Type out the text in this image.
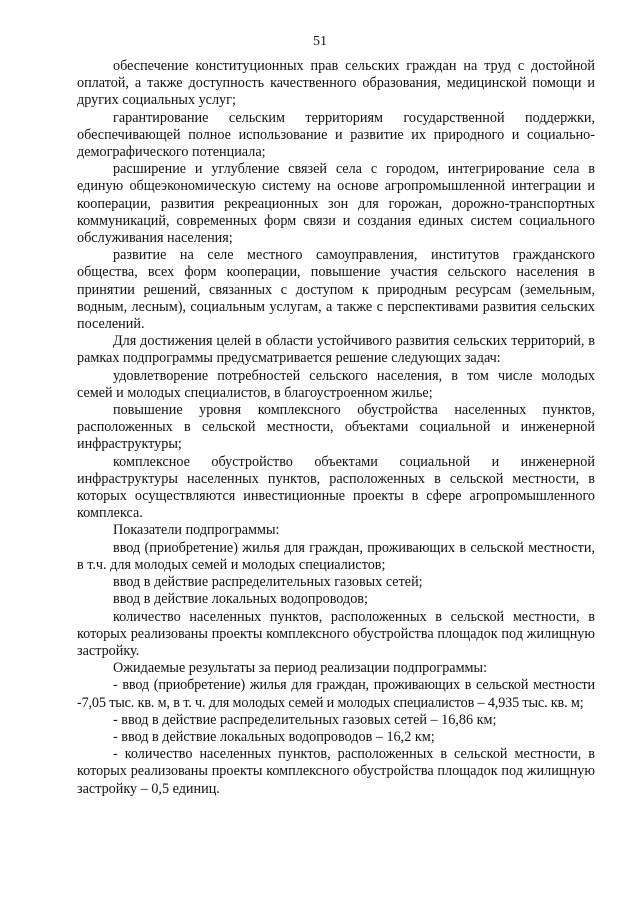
51

обеспечение конституционных прав сельских граждан на труд с достойной оплатой, а также доступность качественного образования, медицинской помощи и других социальных услуг;

гарантирование сельским территориям государственной поддержки, обеспечивающей полное использование и развитие их природного и социально-демографического потенциала;

расширение и углубление связей села с городом, интегрирование села в единую общеэкономическую систему на основе агропромышленной интеграции и кооперации, развития рекреационных зон для горожан, дорожно-транспортных коммуникаций, современных форм связи и создания единых систем социального обслуживания населения;

развитие на селе местного самоуправления, институтов гражданского общества, всех форм кооперации, повышение участия сельского населения в принятии решений, связанных с доступом к природным ресурсам (земельным, водным, лесным), социальным услугам, а также с перспективами развития сельских поселений.

Для достижения целей в области устойчивого развития сельских территорий, в рамках подпрограммы предусматривается решение следующих задач:

удовлетворение потребностей сельского населения, в том числе молодых семей и молодых специалистов, в благоустроенном жилье;

повышение уровня комплексного обустройства населенных пунктов, расположенных в сельской местности, объектами социальной и инженерной инфраструктуры;

комплексное обустройство объектами социальной и инженерной инфраструктуры населенных пунктов, расположенных в сельской местности, в которых осуществляются инвестиционные проекты в сфере агропромышленного комплекса.

Показатели подпрограммы:

ввод (приобретение) жилья для граждан, проживающих в сельской местности, в т.ч. для молодых семей и молодых специалистов;

ввод в действие распределительных газовых сетей;

ввод в действие локальных водопроводов;

количество населенных пунктов, расположенных в сельской местности, в которых реализованы проекты комплексного обустройства площадок под жилищную застройку.

Ожидаемые результаты за период реализации подпрограммы:

- ввод (приобретение) жилья для граждан, проживающих в сельской местности -7,05 тыс. кв. м, в т. ч. для молодых семей и молодых специалистов – 4,935 тыс. кв. м;

- ввод в действие распределительных газовых сетей – 16,86 км;

- ввод в действие локальных водопроводов – 16,2 км;

- количество населенных пунктов, расположенных в сельской местности, в которых реализованы проекты комплексного обустройства площадок под жилищную застройку – 0,5 единиц.
